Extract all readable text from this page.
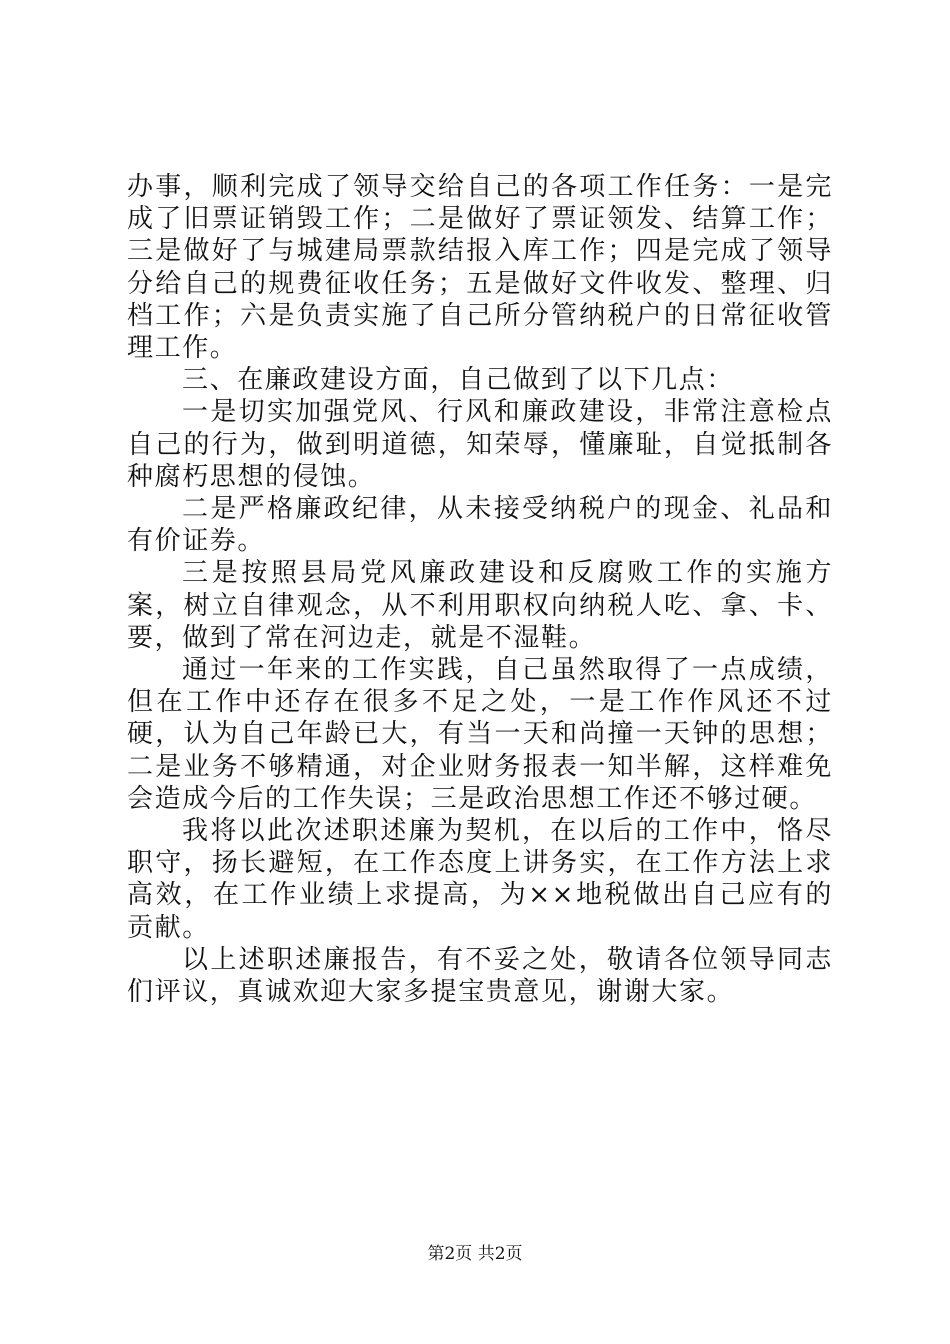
办事，顺利完成了领导交给自己的各项工作任务：一是完成了旧票证销毁工作；二是做好了票证领发、结算工作；三是做好了与城建局票款结报入库工作；四是完成了领导分给自己的规费征收任务；五是做好文件收发、整理、归档工作；六是负责实施了自己所分管纳税户的日常征收管理工作。

三、在廉政建设方面，自己做到了以下几点：

一是切实加强党风、行风和廉政建设，非常注意检点自己的行为，做到明道德，知荣辱，懂廉耻，自觉抵制各种腐朽思想的侵蚀。

二是严格廉政纪律，从未接受纳税户的现金、礼品和有价证券。

三是按照县局党风廉政建设和反腐败工作的实施方案，树立自律观念，从不利用职权向纳税人吃、拿、卡、要，做到了常在河边走，就是不湿鞋。

通过一年来的工作实践，自己虽然取得了一点成绩，但在工作中还存在很多不足之处，一是工作作风还不过硬，认为自己年龄已大，有当一天和尚撞一天钟的思想；二是业务不够精通，对企业财务报表一知半解，这样难免会造成今后的工作失误；三是政治思想工作还不够过硬。

我将以此次述职述廉为契机，在以后的工作中，恪尽职守，扬长避短，在工作态度上讲务实，在工作方法上求高效，在工作业绩上求提高，为××地税做出自己应有的贡献。

以上述职述廉报告，有不妥之处，敬请各位领导同志们评议，真诚欢迎大家多提宝贵意见，谢谢大家。

第2页 共2页
